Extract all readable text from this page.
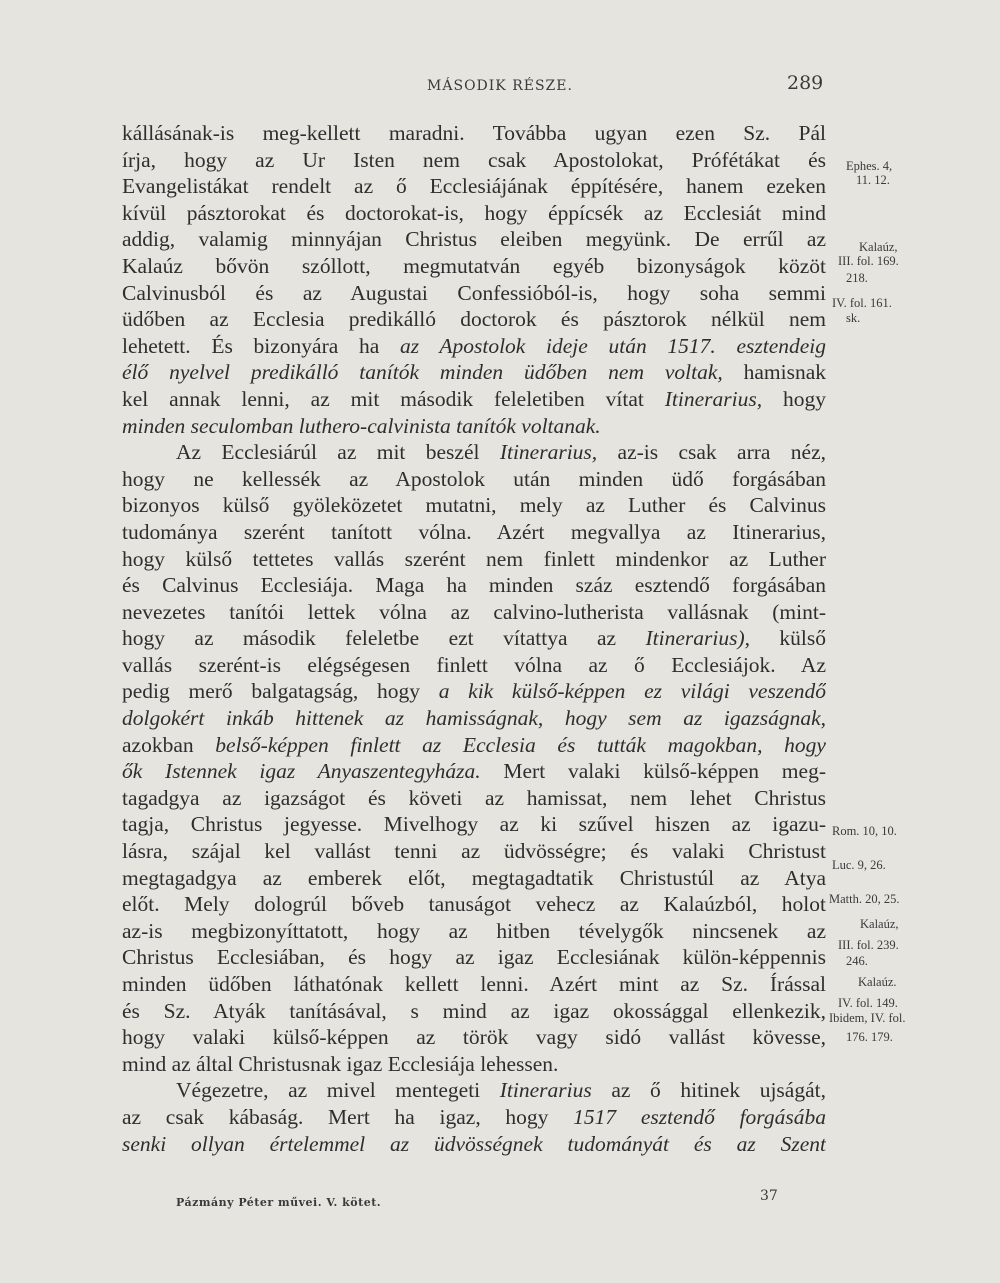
MÁSODIK RÉSZE.	289
kállásának-is meg-kellett maradni. Továbba ugyan ezen Sz. Pál
írja, hogy az Ur Isten nem csak Apostolokat, Prófétákat és
Evangelistákat rendelt az ő Ecclesiájának éppítésére, hanem ezeken
kívül pásztorokat és doctorokat-is, hogy éppícsék az Ecclesiát mind
addig, valamig minnyájan Christus eleiben megyünk. De errűl az
Kalaúz bővön szóllott, megmutatván egyéb bizonyságok közöt
Calvinusból és az Augustai Confessióból-is, hogy soha semmi
üdőben az Ecclesia predikálló doctorok és pásztorok nélkül nem
lehetett. És bizonyára ha az Apostolok ideje után 1517. esztendeig
élő nyelvel predikálló tanítók minden üdőben nem voltak, hamisnak
kel annak lenni, az mit második feleletiben vítat Itinerarius, hogy
minden seculomban luthero-calvinista tanítók voltanak.
Az Ecclesiárúl az mit beszél Itinerarius, az-is csak arra néz,
hogy ne kellessék az Apostolok után minden üdő forgásában
bizonyos külső gyöleközetet mutatni, mely az Luther és Calvinus
tudománya szerént tanított vólna. Azért megvallya az Itinerarius,
hogy külső tettetes vallás szerént nem finlett mindenkor az Luther
és Calvinus Ecclesiája. Maga ha minden száz esztendő forgásában
nevezetes tanítói lettek vólna az calvino-lutherista vallásnak (mint-
hogy az második feleletbe ezt vítattya az Itinerarius), külső
vallás szerént-is elégségesen finlett vólna az ő Ecclesiájok. Az
pedig merő balgatagság, hogy a kik külső-képpen ez világi veszendő
dolgokért inkáb hittenek az hamisságnak, hogy sem az igazságnak,
azokban belső-képpen finlett az Ecclesia és tutták magokban, hogy
ők Istennek igaz Anyaszentegyháza. Mert valaki külső-képpen meg-
tagadgya az igazságot és követi az hamissat, nem lehet Christus
tagja, Christus jegyesse. Mivelhogy az ki szűvel hiszen az igazu-
lásra, szájal kel vallást tenni az üdvösségre; és valaki Christust
megtagadgya az emberek előt, megtagadtatik Christustúl az Atya
előt. Mely dologrúl bőveb tanuságot vehecz az Kalaúzból, holot
az-is megbizonyíttatott, hogy az hitben tévelygők nincsenek az
Christus Ecclesiában, és hogy az igaz Ecclesiának külön-képpennis
minden üdőben láthatónak kellett lenni. Azért mint az Sz. Írással
és Sz. Atyák tanításával, s mind az igaz okossággal ellenkezik,
hogy valaki külső-képpen az török vagy sidó vallást kövesse,
mind az által Christusnak igaz Ecclesiája lehessen.
Végezetre, az mivel mentegeti Itinerarius az ő hitinek ujságát,
az csak kábaság. Mert ha igaz, hogy 1517 esztendő forgásába
senki ollyan értelemmel az üdvösségnek tudományát és az Szent
Ephes. 4,
11. 12.
Kalaúz,
III. fol. 169.
218.
IV. fol. 161.
sk.
Rom. 10, 10.
Luc. 9, 26.
Matth. 20, 25.
Kalaúz,
III. fol. 239.
246.
Kalaúz.
IV. fol. 149.
Ibidem, IV. fol.
176. 179.
Pázmány Péter művei. V. kötet.	37
